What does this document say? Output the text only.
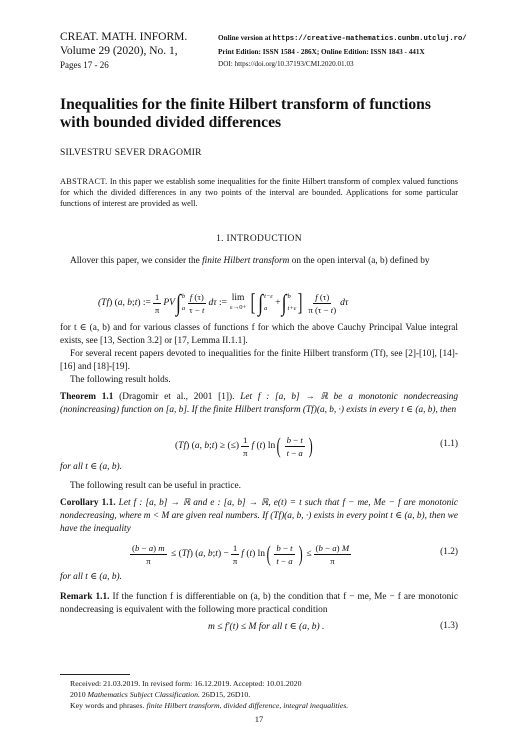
CREAT. MATH. INFORM.
Volume 29 (2020), No. 1,
Pages 17 - 26
Online version at https://creative-mathematics.cunbm.utcluj.ro/
Print Edition: ISSN 1584 - 286X; Online Edition: ISSN 1843 - 441X
DOI: https://doi.org/10.37193/CMI.2020.01.03
Inequalities for the finite Hilbert transform of functions with bounded divided differences
SILVESTRU SEVER DRAGOMIR
ABSTRACT. In this paper we establish some inequalities for the finite Hilbert transform of complex valued functions for which the divided differences in any two points of the interval are bounded. Applications for some particular functions of interest are provided as well.
1. INTRODUCTION
Allover this paper, we consider the finite Hilbert transform on the open interval (a, b) defined by
(Tf ) ( a, b ; t ) := $\frac{1}{\pi}$ PV ∫ b
a $\frac{f (\tau)}{\tau - t}$ dτ := lim
ε→0+ [ ∫ t−ε
a
+ ∫ b
t+ε ] $\frac{f (\tau)}{\pi (\tau - t)}$ dτ
for t ∈ (a, b) and for various classes of functions f for which the above Cauchy Principal Value integral exists, see [13, Section 3.2] or [17, Lemma II.1.1].
For several recent papers devoted to inequalities for the finite Hilbert transform (Tf), see [2]-[10], [14]-[16] and [18]-[19].
The following result holds.
Theorem 1.1 (Dragomir et al., 2001 [1]). Let f : [a, b] → ℝ be a monotonic nondecreasing (nonincreasing) function on [a, b]. If the finite Hilbert transform (Tf)(a, b, ·) exists in every t ∈ (a, b), then
( Tf ) ( a, b ; t ) ≥ (≤) $\frac{1}{\pi}$ f ( t ) ln ( $\frac{b - t}{t - a}$ )	(1.1)
for all t ∈ (a, b).
The following result can be useful in practice.
Corollary 1.1. Let f : [a, b] → ℝ and e : [a, b] → ℝ, e(t) = t such that f − me, Me − f are monotonic nondecreasing, where m < M are given real numbers. If (Tf)(a, b, ·) exists in every point t ∈ (a, b), then we have the inequality
$\frac{(b - a) m}{\pi}$ ≤ ( Tf ) ( a, b ; t ) − $\frac{1}{\pi}$ f ( t ) ln ( $\frac{b - t}{t - a}$ ) ≤ $\frac{(b - a) M}{\pi}$	(1.2)
for all t ∈ (a, b).
Remark 1.1. If the function f is differentiable on (a, b) the condition that f − me, Me − f are monotonic nondecreasing is equivalent with the following more practical condition
m ≤ f′(t) ≤ M for all t ∈ (a, b) .	(1.3)
Received: 21.03.2019. In revised form: 16.12.2019. Accepted: 10.01.2020
2010 Mathematics Subject Classification. 26D15, 26D10.
Key words and phrases. finite Hilbert transform, divided difference, integral inequalities.
17
